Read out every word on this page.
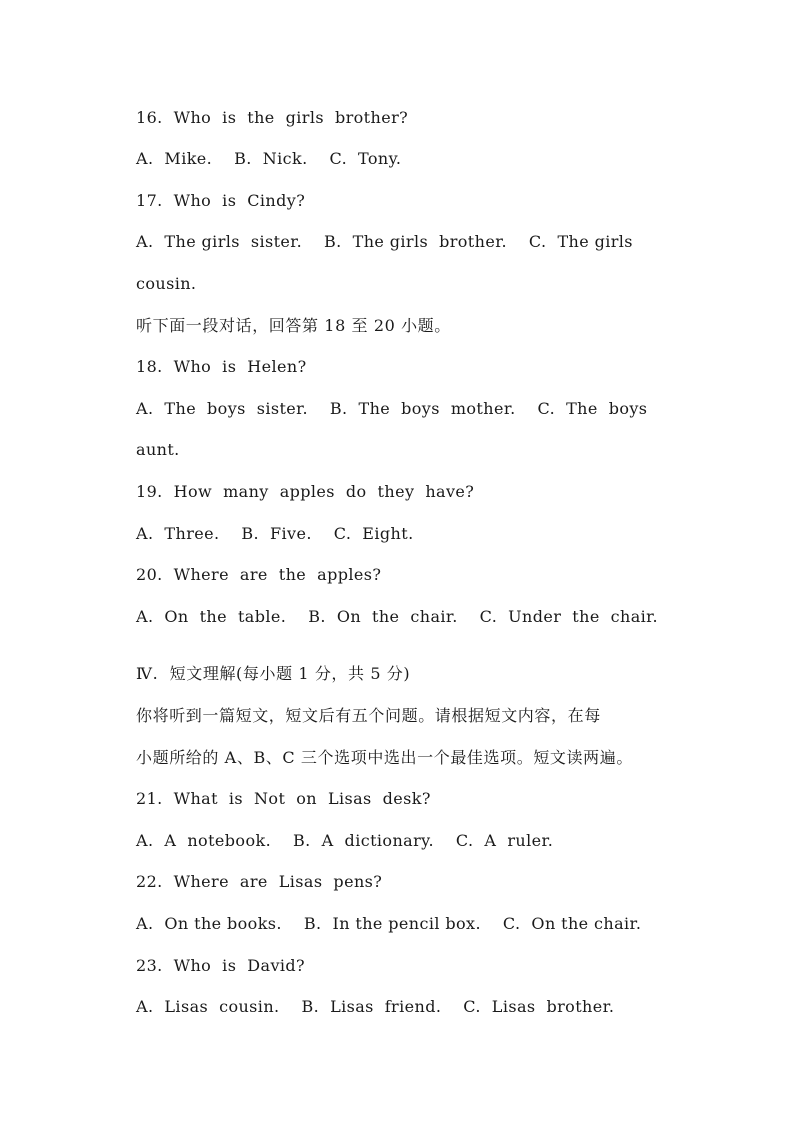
16.  Who  is  the  girls  brother?
A.  Mike.    B.  Nick.    C.  Tony.
17.  Who  is  Cindy?
A.  The girls  sister.    B.  The girls  brother.    C.  The girls
cousin.
听下面一段对话，回答第 18 至 20 小题。
18.  Who  is  Helen?
A.  The  boys  sister.    B.  The  boys  mother.    C.  The  boys
aunt.
19.  How  many  apples  do  they  have?
A.  Three.    B.  Five.    C.  Eight.
20.  Where  are  the  apples?
A.  On  the  table.    B.  On  the  chair.    C.  Under  the  chair.
Ⅳ.  短文理解(每小题 1 分，共 5 分)
你将听到一篇短文，短文后有五个问题。请根据短文内容，在每
小题所给的 A、B、C 三个选项中选出一个最佳选项。短文读两遍。
21.  What  is  Not  on  Lisas  desk?
A.  A  notebook.    B.  A  dictionary.    C.  A  ruler.
22.  Where  are  Lisas  pens?
A.  On the books.    B.  In the pencil box.    C.  On the chair.
23.  Who  is  David?
A.  Lisas  cousin.    B.  Lisas  friend.    C.  Lisas  brother.
